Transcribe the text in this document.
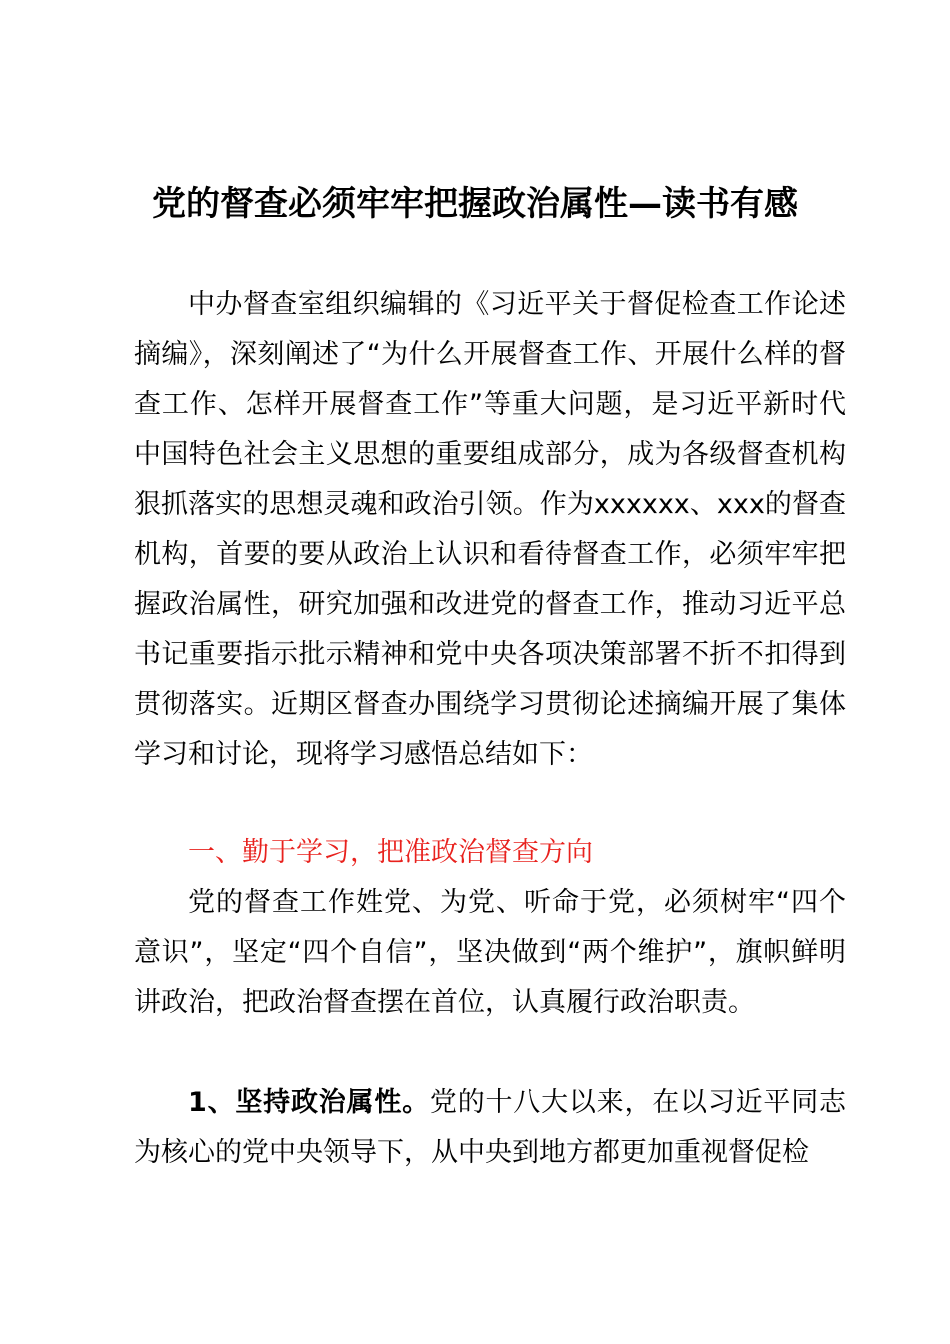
党的督查必须牢牢把握政治属性—读书有感

中办督查室组织编辑的《习近平关于督促检查工作论述摘编》，深刻阐述了“为什么开展督查工作、开展什么样的督查工作、怎样开展督查工作”等重大问题，是习近平新时代中国特色社会主义思想的重要组成部分，成为各级督查机构狠抓落实的思想灵魂和政治引领。作为xxxxxx、xxx的督查机构，首要的要从政治上认识和看待督查工作，必须牢牢把握政治属性，研究加强和改进党的督查工作，推动习近平总书记重要指示批示精神和党中央各项决策部署不折不扣得到贯彻落实。近期区督查办围绕学习贯彻论述摘编开展了集体学习和讨论，现将学习感悟总结如下：

一、勤于学习，把准政治督查方向

党的督查工作姓党、为党、听命于党，必须树牢“四个意识”，坚定“四个自信”，坚决做到“两个维护”，旗帜鲜明讲政治，把政治督查摆在首位，认真履行政治职责。

1、坚持政治属性。党的十八大以来，在以习近平同志为核心的党中央领导下，从中央到地方都更加重视督促检
